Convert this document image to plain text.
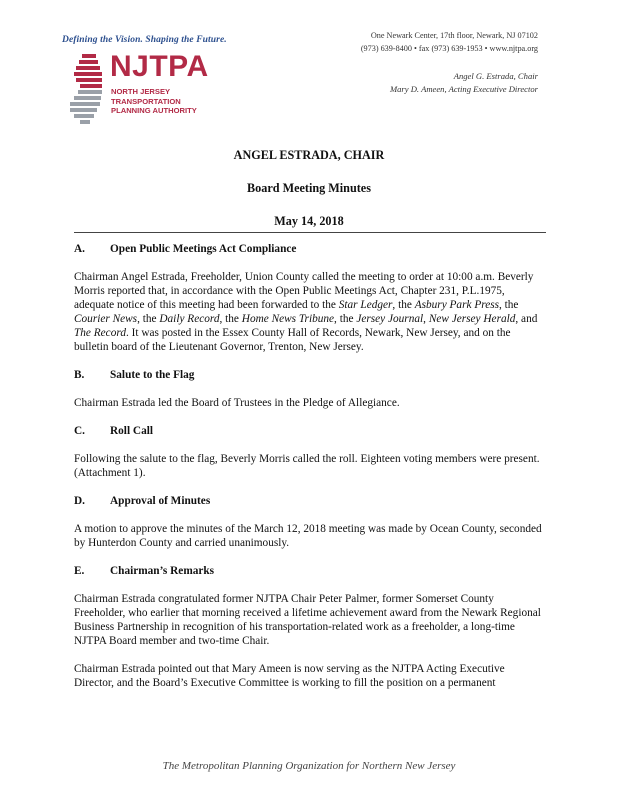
Defining the Vision. Shaping the Future.
NJTPA
NORTH JERSEY
TRANSPORTATION
PLANNING AUTHORITY
One Newark Center, 17th floor, Newark, NJ 07102
(973) 639-8400 • fax (973) 639-1953 • www.njtpa.org
Angel G. Estrada, Chair
Mary D. Ameen, Acting Executive Director
ANGEL ESTRADA, CHAIR
Board Meeting Minutes
May 14, 2018
A.	Open Public Meetings Act Compliance

Chairman Angel Estrada, Freeholder, Union County called the meeting to order at 10:00 a.m. Beverly Morris reported that, in accordance with the Open Public Meetings Act, Chapter 231, P.L.1975, adequate notice of this meeting had been forwarded to the Star Ledger, the Asbury Park Press, the Courier News, the Daily Record, the Home News Tribune, the Jersey Journal, New Jersey Herald, and The Record. It was posted in the Essex County Hall of Records, Newark, New Jersey, and on the bulletin board of the Lieutenant Governor, Trenton, New Jersey.

B.	Salute to the Flag

Chairman Estrada led the Board of Trustees in the Pledge of Allegiance.

C.	Roll Call

Following the salute to the flag, Beverly Morris called the roll. Eighteen voting members were present. (Attachment 1).

D.	Approval of Minutes

A motion to approve the minutes of the March 12, 2018 meeting was made by Ocean County, seconded by Hunterdon County and carried unanimously.

E.	Chairman’s Remarks

Chairman Estrada congratulated former NJTPA Chair Peter Palmer, former Somerset County Freeholder, who earlier that morning received a lifetime achievement award from the Newark Regional Business Partnership in recognition of his transportation-related work as a freeholder, a long-time NJTPA Board member and two-time Chair.

Chairman Estrada pointed out that Mary Ameen is now serving as the NJTPA Acting Executive Director, and the Board’s Executive Committee is working to fill the position on a permanent

The Metropolitan Planning Organization for Northern New Jersey
